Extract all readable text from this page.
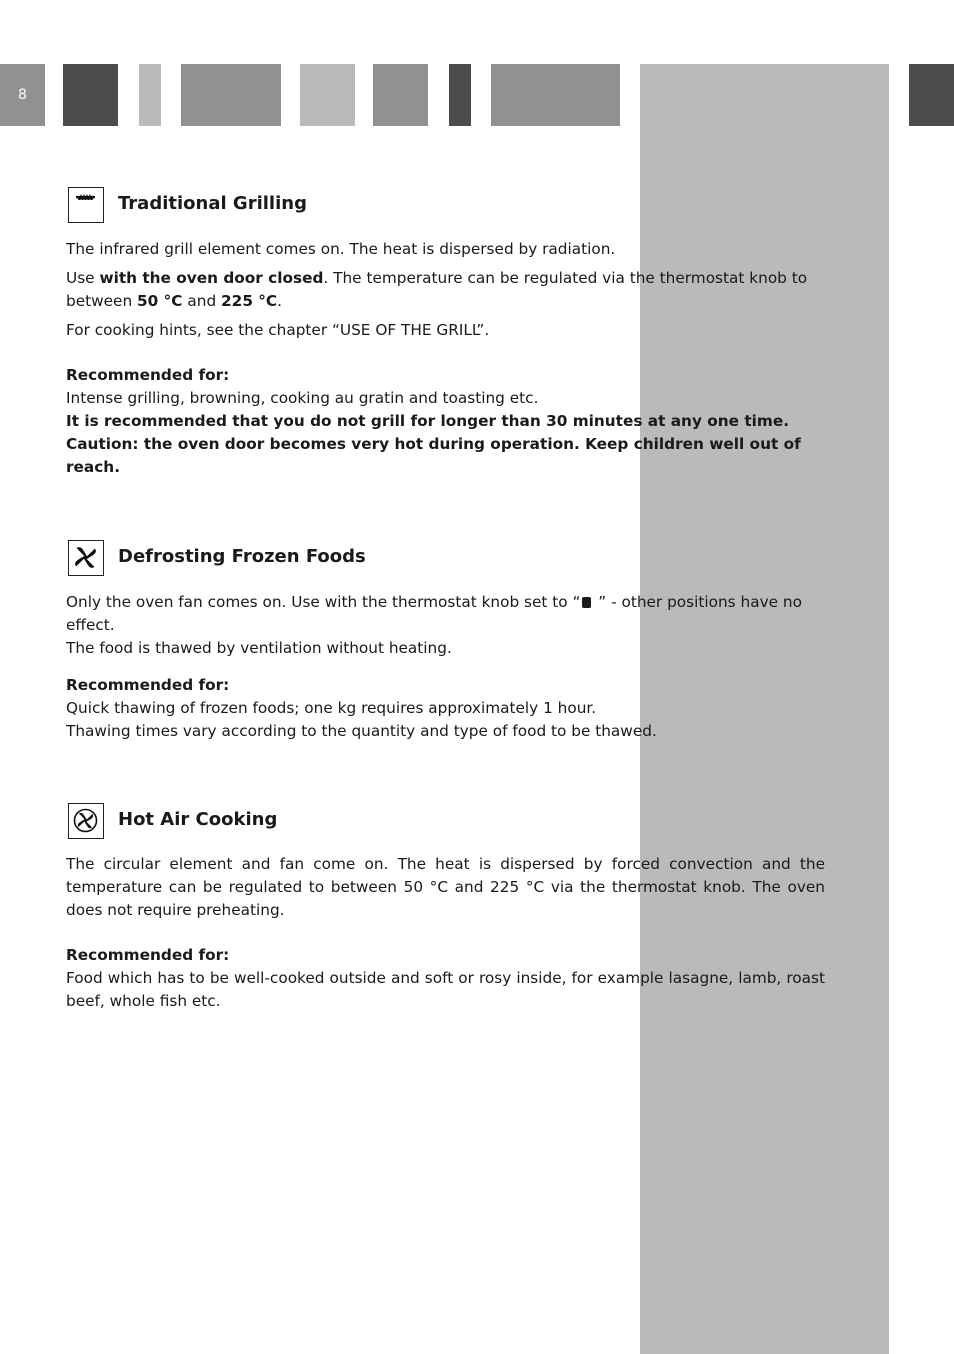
8
Traditional Grilling

The infrared grill element comes on. The heat is dispersed by radiation.

Use with the oven door closed. The temperature can be regulated via the thermostat knob to between 50 °C and 225 °C.

For cooking hints, see the chapter “USE OF THE GRILL”.

Recommended for:

Intense grilling, browning, cooking au gratin and toasting etc.

It is recommended that you do not grill for longer than 30 minutes at any one time.

Caution: the oven door becomes very hot during operation. Keep children well out of reach.

Defrosting Frozen Foods

Only the oven fan comes on. Use with the thermostat knob set to “ ” - other positions have no effect.

The food is thawed by ventilation without heating.

Recommended for:

Quick thawing of frozen foods; one kg requires approximately 1 hour.

Thawing times vary according to the quantity and type of food to be thawed.

Hot Air Cooking

The circular element and fan come on. The heat is dispersed by forced convection and the temperature can be regulated to between 50 °C and 225 °C via the thermostat knob. The oven does not require preheating.

Recommended for:

Food which has to be well-cooked outside and soft or rosy inside, for example lasagne, lamb, roast beef, whole fish etc.
